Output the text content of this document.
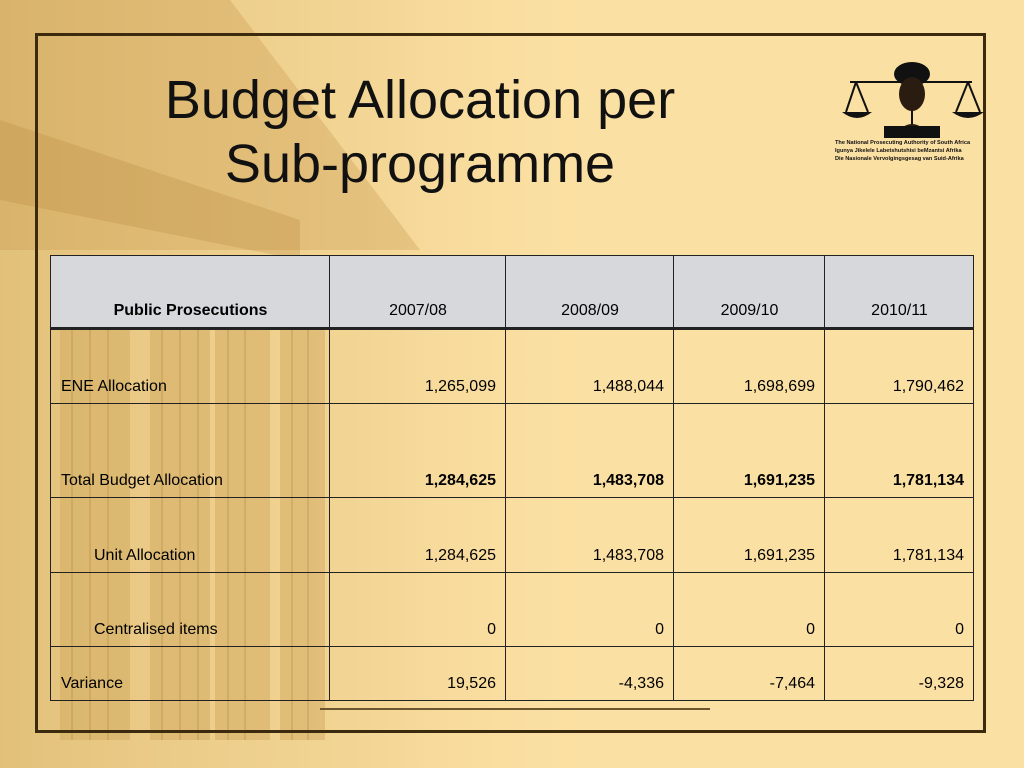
Budget Allocation per
Sub-programme	The National Prosecuting Authority of South Africa
Igunya Jikelele Labetshutshisi beMzantsi Afrika
Die Nasionale Vervolgingsgesag van Suid-Afrika
Public Prosecutions	2007/08	2008/09	2009/10	2010/11
ENE Allocation	1,265,099	1,488,044	1,698,699	1,790,462
Total Budget Allocation	1,284,625	1,483,708	1,691,235	1,781,134
Unit Allocation	1,284,625	1,483,708	1,691,235	1,781,134
Centralised items	0	0	0	0
Variance	19,526	-4,336	-7,464	-9,328
